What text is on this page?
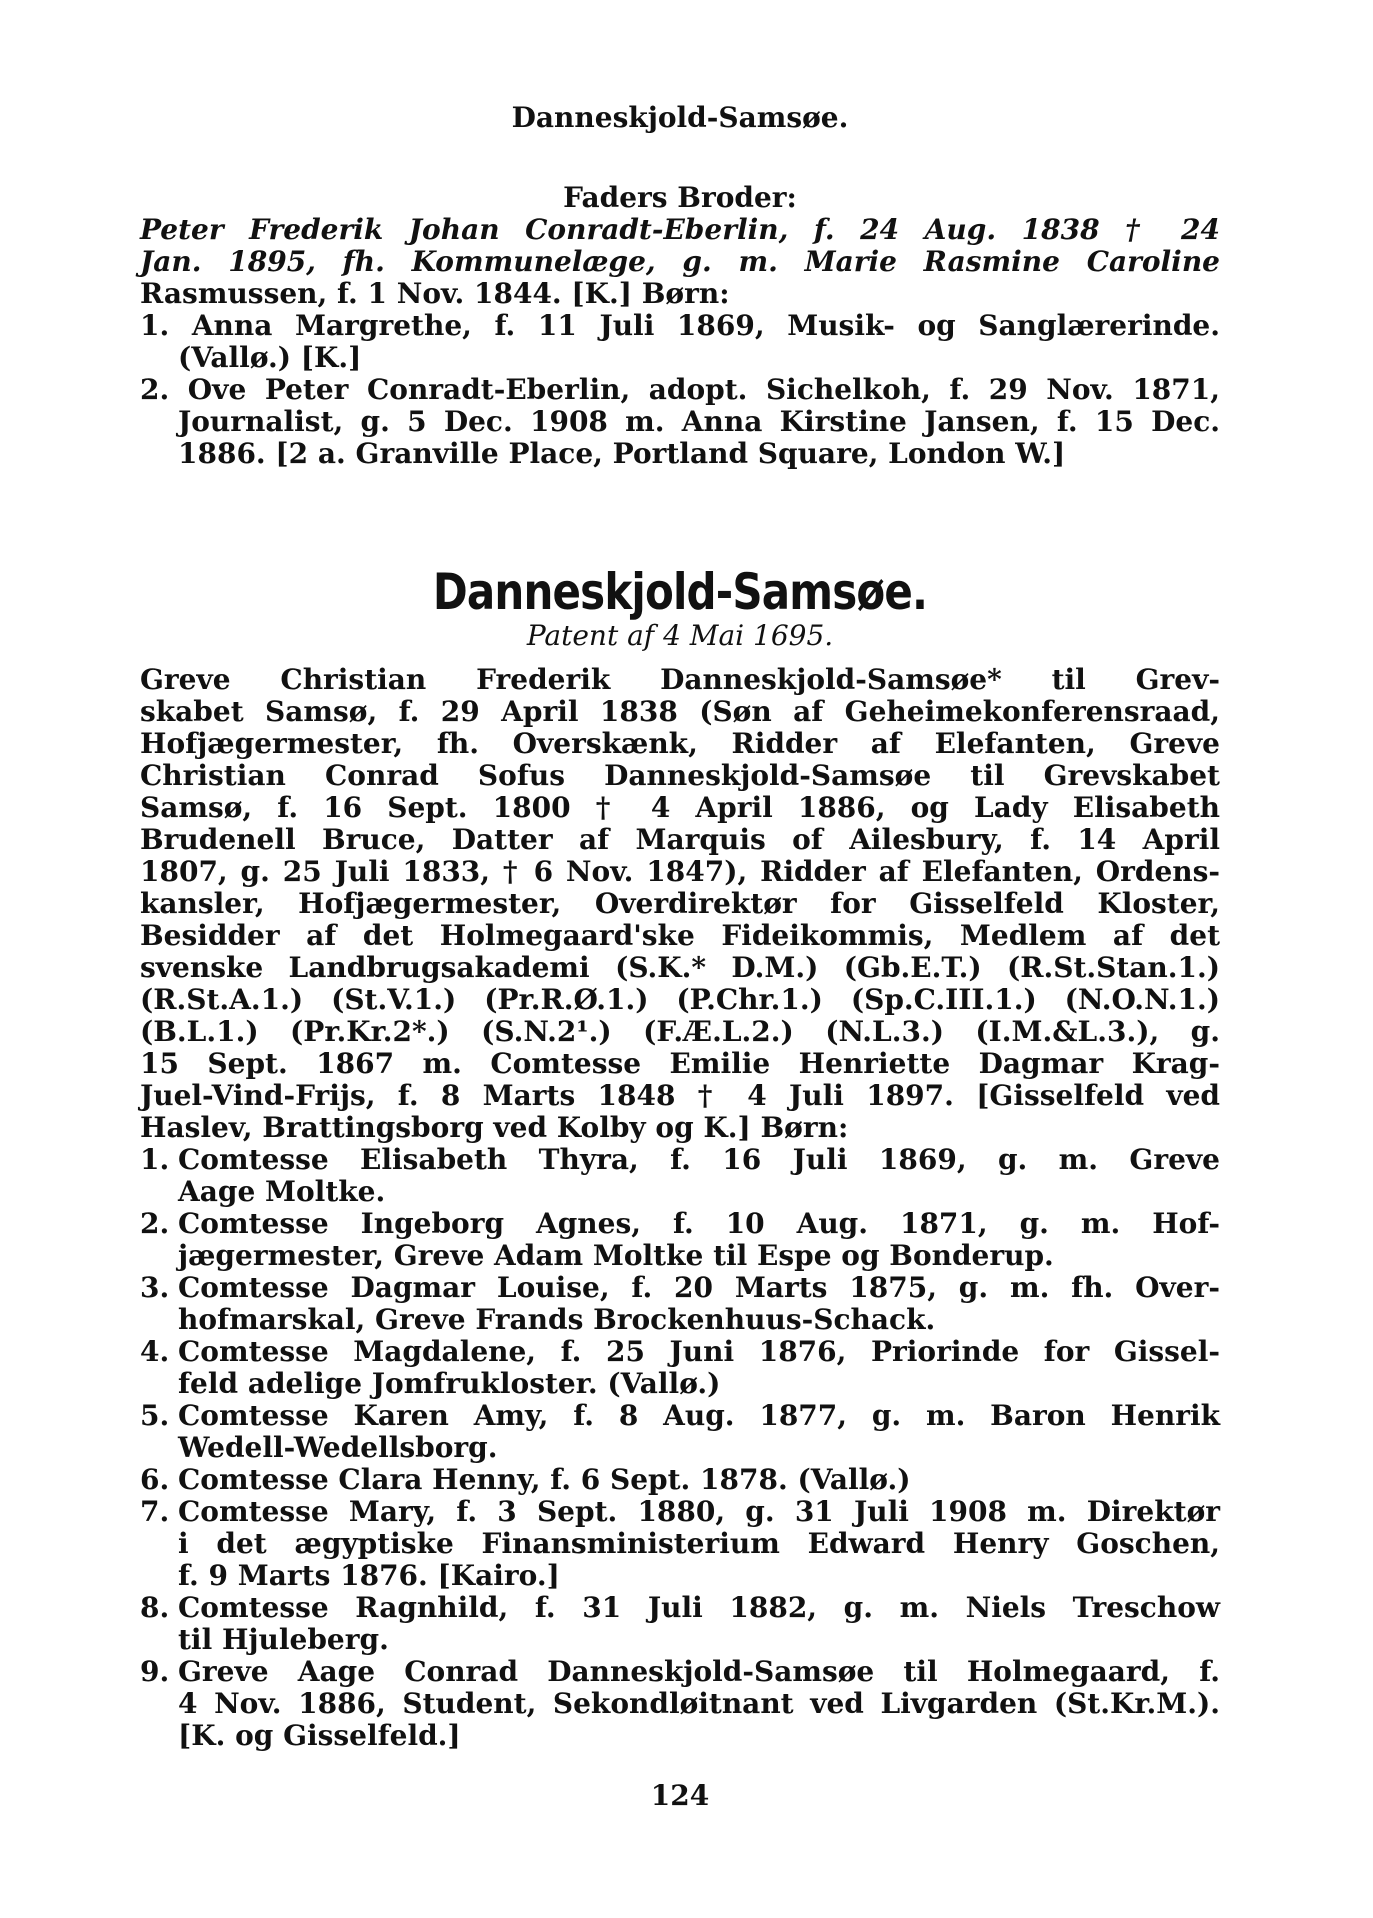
Danneskjold-Samsøe.
Faders Broder:
Peter Frederik Johan Conradt-Eberlin, f. 24 Aug. 1838 † 24
Jan. 1895, fh. Kommunelæge, g. m. Marie Rasmine Caroline
Rasmussen, f. 1 Nov. 1844. [K.] Børn:
1. Anna Margrethe, f. 11 Juli 1869, Musik- og Sanglærerinde.
(Vallø.) [K.]
2. Ove Peter Conradt-Eberlin, adopt. Sichelkoh, f. 29 Nov. 1871,
Journalist, g. 5 Dec. 1908 m. Anna Kirstine Jansen, f. 15 Dec.
1886. [2 a. Granville Place, Portland Square, London W.]
Danneskjold-Samsøe.
Patent af 4 Mai 1695.
Greve Christian Frederik Danneskjold-Samsøe* til Grev-
skabet Samsø, f. 29 April 1838 (Søn af Geheimekonferensraad,
Hofjægermester, fh. Overskænk, Ridder af Elefanten, Greve
Christian Conrad Sofus Danneskjold-Samsøe til Grevskabet
Samsø, f. 16 Sept. 1800 † 4 April 1886, og Lady Elisabeth
Brudenell Bruce, Datter af Marquis of Ailesbury, f. 14 April
1807, g. 25 Juli 1833, † 6 Nov. 1847), Ridder af Elefanten, Ordens-
kansler, Hofjægermester, Overdirektør for Gisselfeld Kloster,
Besidder af det Holmegaard'ske Fideikommis, Medlem af det
svenske Landbrugsakademi (S.K.* D.M.) (Gb.E.T.) (R.St.Stan.1.)
(R.St.A.1.) (St.V.1.) (Pr.R.Ø.1.) (P.Chr.1.) (Sp.C.III.1.) (N.O.N.1.)
(B.L.1.) (Pr.Kr.2*.) (S.N.2¹.) (F.Æ.L.2.) (N.L.3.) (I.M.&L.3.), g.
15 Sept. 1867 m. Comtesse Emilie Henriette Dagmar Krag-
Juel-Vind-Frijs, f. 8 Marts 1848 † 4 Juli 1897. [Gisselfeld ved
Haslev, Brattingsborg ved Kolby og K.] Børn:
1. Comtesse Elisabeth Thyra, f. 16 Juli 1869, g. m. Greve
Aage Moltke.
2. Comtesse Ingeborg Agnes, f. 10 Aug. 1871, g. m. Hof-
jægermester, Greve Adam Moltke til Espe og Bonderup.
3. Comtesse Dagmar Louise, f. 20 Marts 1875, g. m. fh. Over-
hofmarskal, Greve Frands Brockenhuus-Schack.
4. Comtesse Magdalene, f. 25 Juni 1876, Priorinde for Gissel-
feld adelige Jomfrukloster. (Vallø.)
5. Comtesse Karen Amy, f. 8 Aug. 1877, g. m. Baron Henrik
Wedell-Wedellsborg.
6. Comtesse Clara Henny, f. 6 Sept. 1878. (Vallø.)
7. Comtesse Mary, f. 3 Sept. 1880, g. 31 Juli 1908 m. Direktør
i det ægyptiske Finansministerium Edward Henry Goschen,
f. 9 Marts 1876. [Kairo.]
8. Comtesse Ragnhild, f. 31 Juli 1882, g. m. Niels Treschow
til Hjuleberg.
9. Greve Aage Conrad Danneskjold-Samsøe til Holmegaard, f.
4 Nov. 1886, Student, Sekondløitnant ved Livgarden (St.Kr.M.).
[K. og Gisselfeld.]
124
